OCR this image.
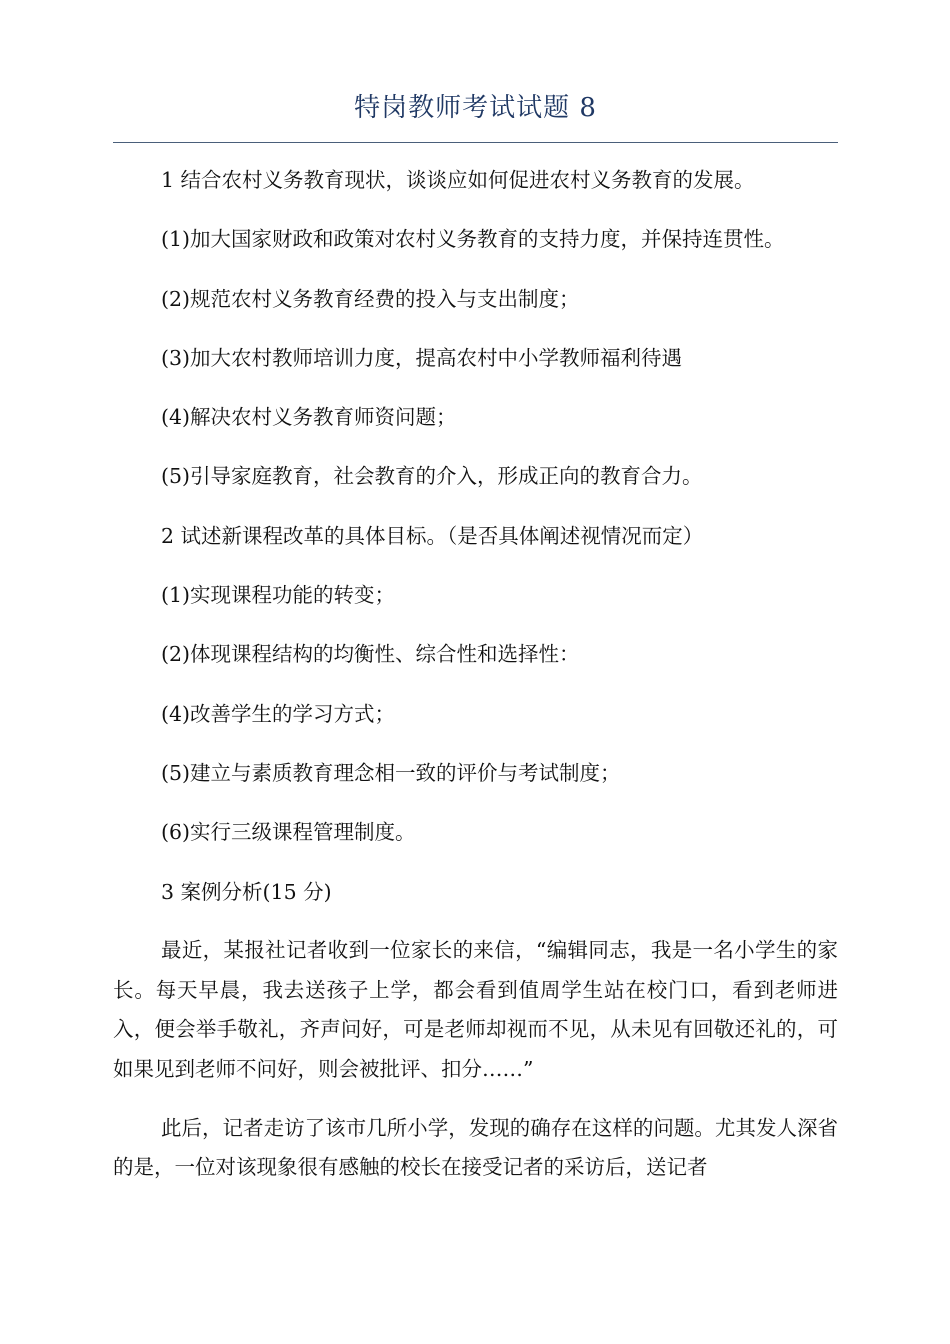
特岗教师考试试题 8

1 结合农村义务教育现状，谈谈应如何促进农村义务教育的发展。

(1)加大国家财政和政策对农村义务教育的支持力度，并保持连贯性。

(2)规范农村义务教育经费的投入与支出制度；

(3)加大农村教师培训力度，提高农村中小学教师福利待遇

(4)解决农村义务教育师资问题；

(5)引导家庭教育，社会教育的介入，形成正向的教育合力。

2 试述新课程改革的具体目标。（是否具体阐述视情况而定）

(1)实现课程功能的转变；

(2)体现课程结构的均衡性、综合性和选择性：

(4)改善学生的学习方式；

(5)建立与素质教育理念相一致的评价与考试制度；

(6)实行三级课程管理制度。

3 案例分析(15 分)

最近，某报社记者收到一位家长的来信，“编辑同志，我是一名小学生的家长。每天早晨，我去送孩子上学，都会看到值周学生站在校门口，看到老师进入，便会举手敬礼，齐声问好，可是老师却视而不见，从未见有回敬还礼的，可如果见到老师不问好，则会被批评、扣分……”

此后，记者走访了该市几所小学，发现的确存在这样的问题。尤其发人深省的是，一位对该现象很有感触的校长在接受记者的采访后，送记者
